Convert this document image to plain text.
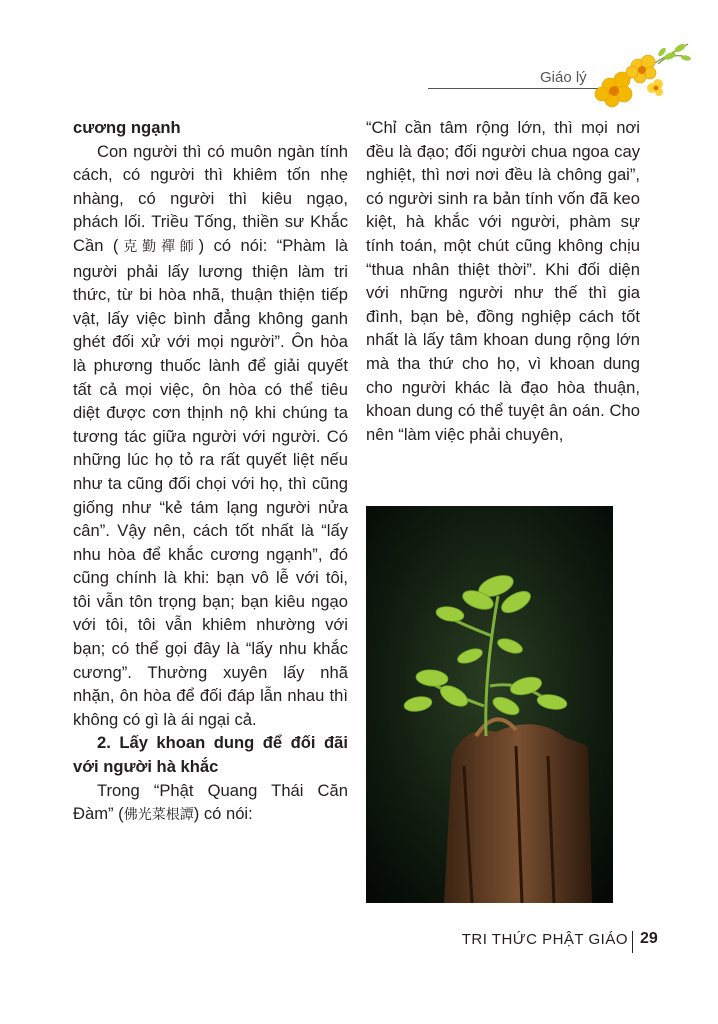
Giáo lý

cương ngạnh

Con người thì có muôn ngàn tính cách, có người thì khiêm tốn nhẹ nhàng, có người thì kiêu ngạo, phách lối. Triều Tống, thiền sư Khắc Cần (克勤禪師) có nói: “Phàm là người phải lấy lương thiện làm tri thức, từ bi hòa nhã, thuận thiện tiếp vật, lấy việc bình đẳng không ganh ghét đối xử với mọi người”. Ôn hòa là phương thuốc lành để giải quyết tất cả mọi việc, ôn hòa có thể tiêu diệt được cơn thịnh nộ khi chúng ta tương tác giữa người với người. Có những lúc họ tỏ ra rất quyết liệt nếu như ta cũng đối chọi với họ, thì cũng giống như “kẻ tám lạng người nửa cân”. Vậy nên, cách tốt nhất là “lấy nhu hòa để khắc cương ngạnh”, đó cũng chính là khi: bạn vô lễ với tôi, tôi vẫn tôn trọng bạn; bạn kiêu ngạo với tôi, tôi vẫn khiêm nhường với bạn; có thể gọi đây là “lấy nhu khắc cương”. Thường xuyên lấy nhã nhặn, ôn hòa để đối đáp lẫn nhau thì không có gì là ái ngại cả.

2. Lấy khoan dung để đối đãi với người hà khắc

Trong “Phật Quang Thái Căn Đàm” (佛光菜根譚) có nói:

“Chỉ cần tâm rộng lớn, thì mọi nơi đều là đạo; đối người chua ngoa cay nghiệt, thì nơi nơi đều là chông gai”, có người sinh ra bản tính vốn đã keo kiệt, hà khắc với người, phàm sự tính toán, một chút cũng không chịu “thua nhân thiệt thời”. Khi đối diện với những người như thế thì gia đình, bạn bè, đồng nghiệp cách tốt nhất là lấy tâm khoan dung rộng lớn mà tha thứ cho họ, vì khoan dung cho người khác là đạo hòa thuận, khoan dung có thể tuyệt ân oán. Cho nên “làm việc phải chuyên,

TRI THỨC PHẬT GIÁO 29
